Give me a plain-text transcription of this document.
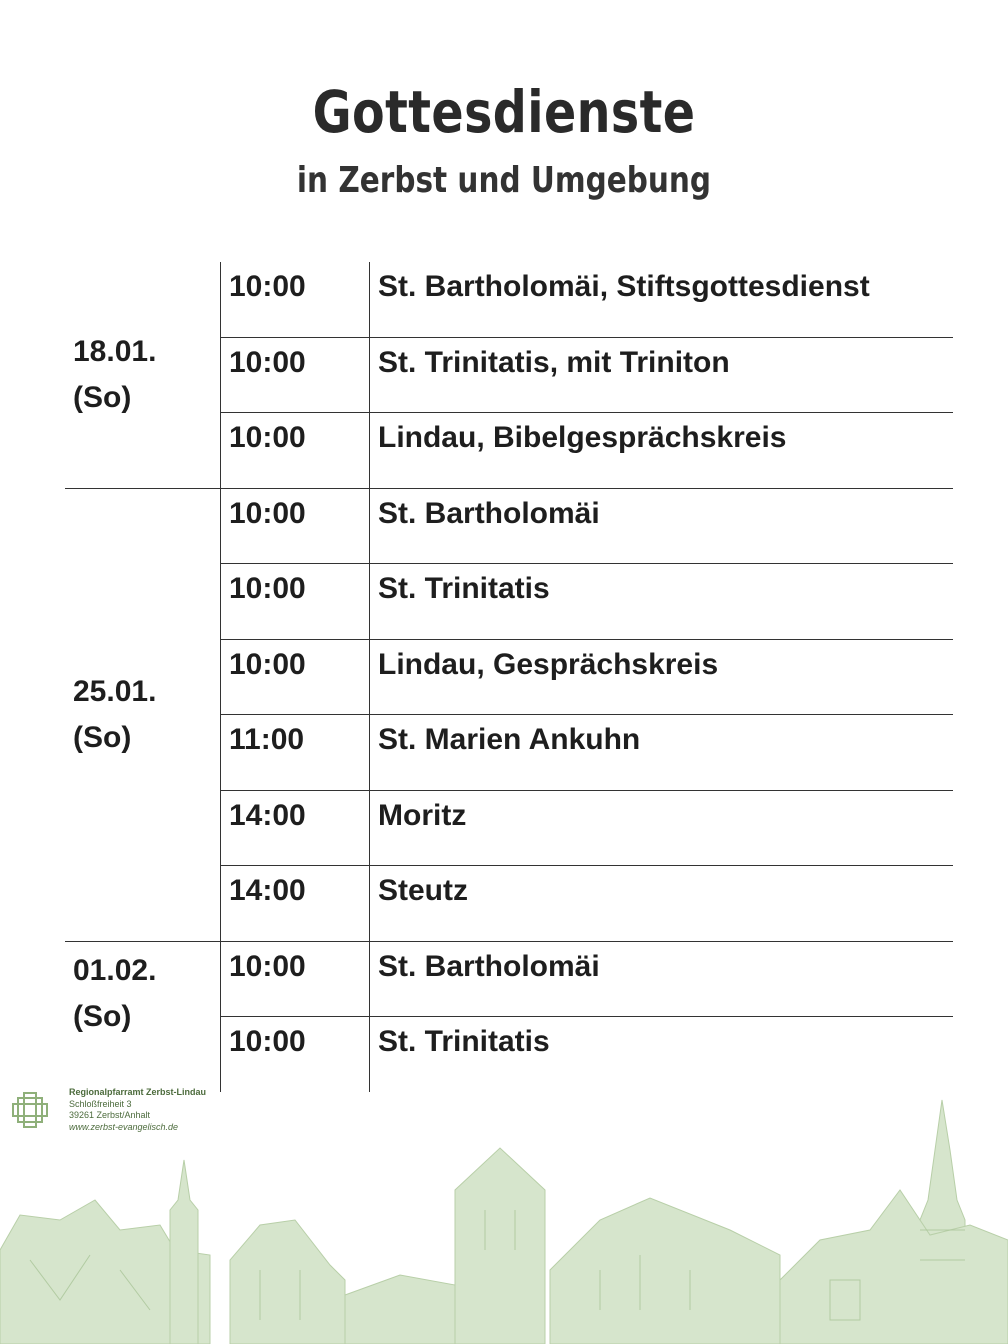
Gottesdienste
in Zerbst und Umgebung
18.01.
(So)	10:00	St. Bartholomäi, Stiftsgottesdienst
	10:00	St. Trinitatis, mit Triniton
	10:00	Lindau, Bibelgesprächskreis

25.01.
(So)	10:00	St. Bartholomäi
	10:00	St. Trinitatis
	10:00	Lindau, Gesprächskreis
	11:00	St. Marien Ankuhn
	14:00	Moritz
	14:00	Steutz

01.02.
(So)	10:00	St. Bartholomäi
	10:00	St. Trinitatis
Regionalpfarramt Zerbst-Lindau
Schloßfreiheit 3
39261 Zerbst/Anhalt
www.zerbst-evangelisch.de
